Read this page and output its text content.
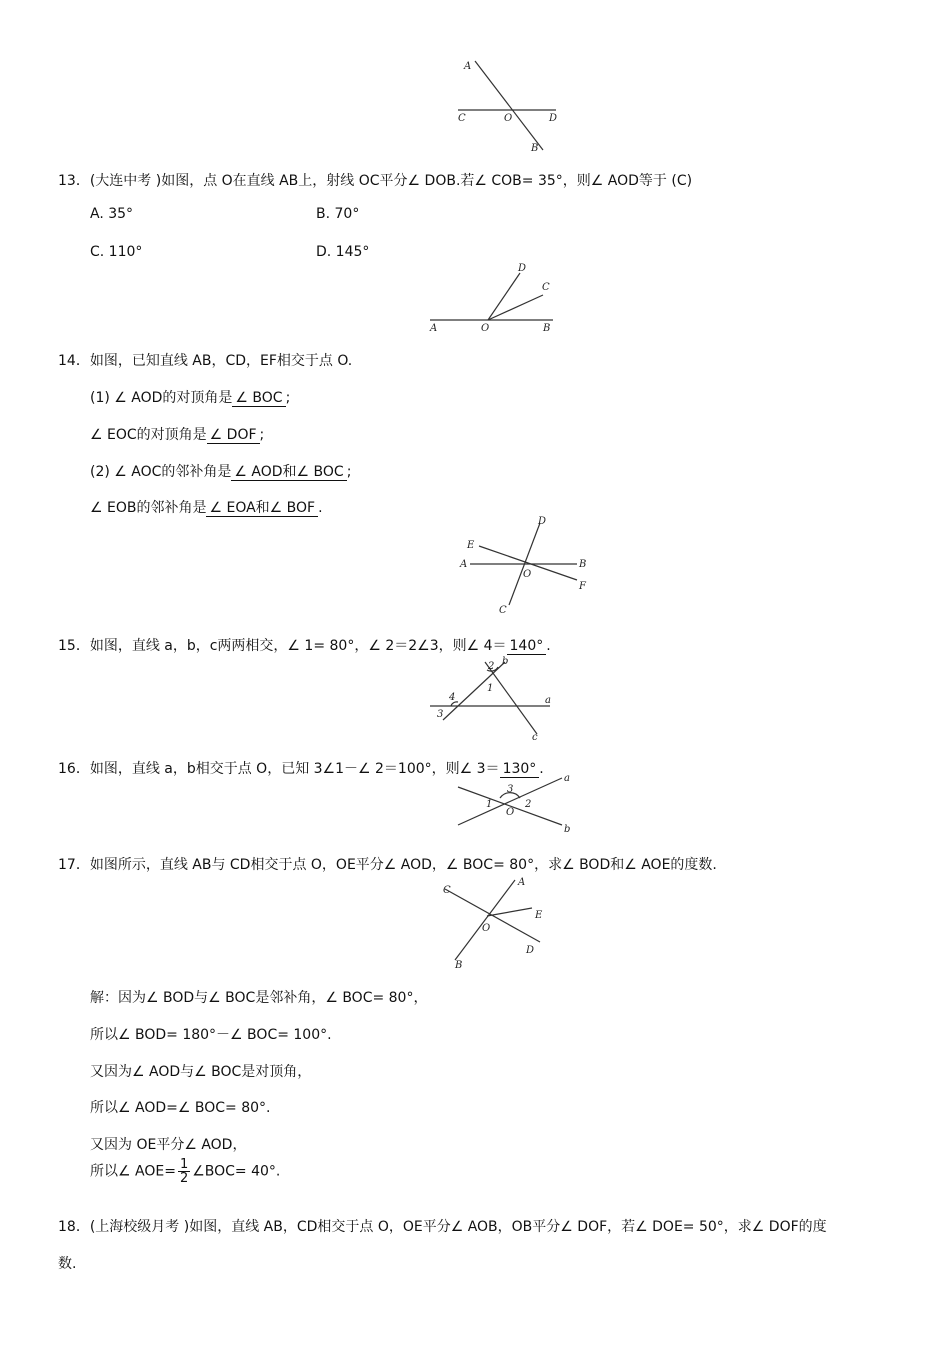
A
C	O	D
B
13．(大连中考 )如图，点 O在直线 AB上，射线 OC平分∠ DOB.若∠ COB= 35°，则∠ AOD等于 (C)
A. 35°	B. 70°
C. 110°	D. 145°
D
C
A	O	B
14．如图，已知直线 AB，CD，EF相交于点 O.
(1) ∠ AOD的对顶角是 ∠ BOC ;
∠ EOC的对顶角是 ∠ DOF ;
(2) ∠ AOC的邻补角是 ∠ AOD和∠ BOC ;
∠ EOB的邻补角是 ∠ EOA和∠ BOF .
D
E
A	B
O
F
C
15．如图，直线 a，b，c两两相交，∠ 1= 80°，∠ 2＝2∠3，则∠ 4＝ 140° .
b
a
c
1
2
3
4
16．如图，直线 a，b相交于点 O，已知 3∠1－∠ 2＝100°，则∠ 3＝ 130° .
a
b
O
1	2
3
17．如图所示，直线 AB与 CD相交于点 O，OE平分∠ AOD，∠ BOC= 80°，求∠ BOD和∠ AOE的度数.
C
A
E
O
D
B
解：因为∠ BOD与∠ BOC是邻补角，∠ BOC= 80°，
所以∠ BOD= 180°－∠ BOC= 100°.
又因为∠ AOD与∠ BOC是对顶角，
所以∠ AOD=∠ BOC= 80°.
又因为 OE平分∠ AOD，
所以∠ $AOE= \frac{1}{2}$ ∠BOC= 40°.
18．(上海校级月考 )如图，直线 AB，CD相交于点 O，OE平分∠ AOB，OB平分∠ DOF，若∠ DOE= 50°，求∠ DOF的度
数.
